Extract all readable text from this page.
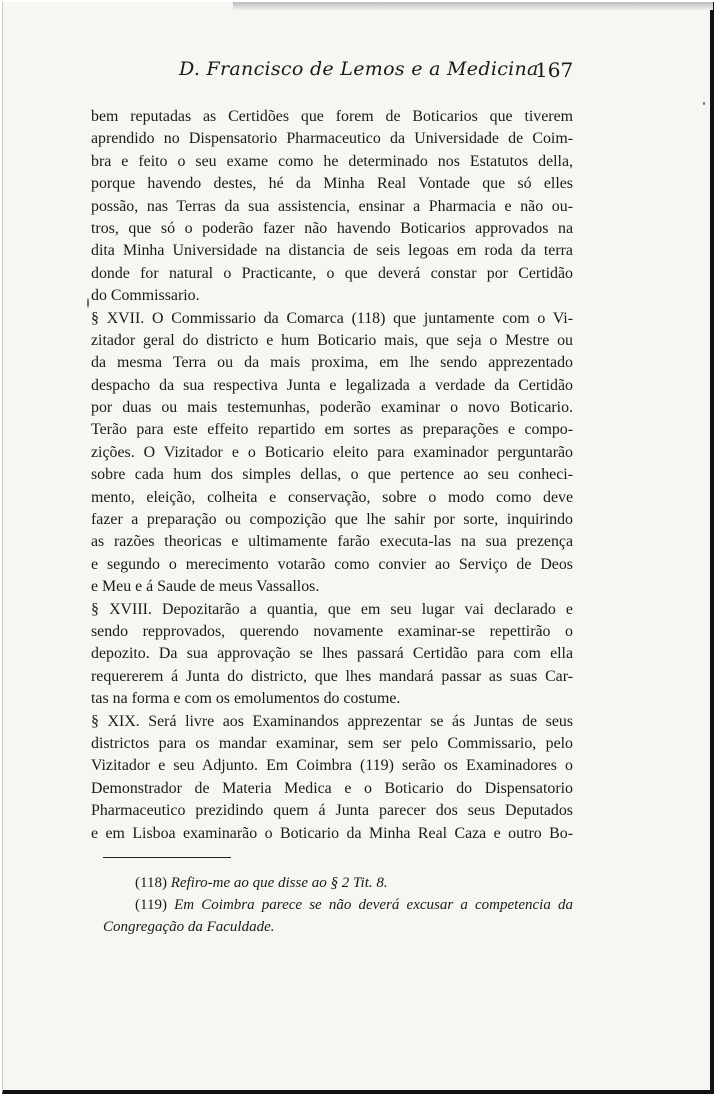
D. Francisco de Lemos e a Medicina
167
bem reputadas as Certidões que forem de Boticarios que tiverem
aprendido no Dispensatorio Pharmaceutico da Universidade de Coim-
bra e feito o seu exame como he determinado nos Estatutos della,
porque havendo destes, hé da Minha Real Vontade que só elles
possão, nas Terras da sua assistencia, ensinar a Pharmacia e não ou-
tros, que só o poderão fazer não havendo Boticarios approvados na
dita Minha Universidade na distancia de seis legoas em roda da terra
donde for natural o Practicante, o que deverá constar por Certidão
do Commissario.
§ XVII. O Commissario da Comarca (118) que juntamente com o Vi-
zitador geral do districto e hum Boticario mais, que seja o Mestre ou
da mesma Terra ou da mais proxima, em lhe sendo apprezentado
despacho da sua respectiva Junta e legalizada a verdade da Certidão
por duas ou mais testemunhas, poderão examinar o novo Boticario.
Terão para este effeito repartido em sortes as preparações e compo-
zições. O Vizitador e o Boticario eleito para examinador perguntarão
sobre cada hum dos simples dellas, o que pertence ao seu conheci-
mento, eleição, colheita e conservação, sobre o modo como deve
fazer a preparação ou compozição que lhe sahir por sorte, inquirindo
as razões theoricas e ultimamente farão executa-las na sua prezença
e segundo o merecimento votarão como convier ao Serviço de Deos
e Meu e á Saude de meus Vassallos.
§ XVIII. Depozitarão a quantia, que em seu lugar vai declarado e
sendo repprovados, querendo novamente examinar-se repettirão o
depozito. Da sua approvação se lhes passará Certidão para com ella
requererem á Junta do districto, que lhes mandará passar as suas Car-
tas na forma e com os emolumentos do costume.
§ XIX. Será livre aos Examinandos apprezentar se ás Juntas de seus
districtos para os mandar examinar, sem ser pelo Commissario, pelo
Vizitador e seu Adjunto. Em Coimbra (119) serão os Examinadores o
Demonstrador de Materia Medica e o Boticario do Dispensatorio
Pharmaceutico prezidindo quem á Junta parecer dos seus Deputados
e em Lisboa examinarão o Boticario da Minha Real Caza e outro Bo-
(118) Refiro-me ao que disse ao § 2 Tit. 8.
(119) Em Coimbra parece se não deverá excusar a competencia da
Congregação da Faculdade.
